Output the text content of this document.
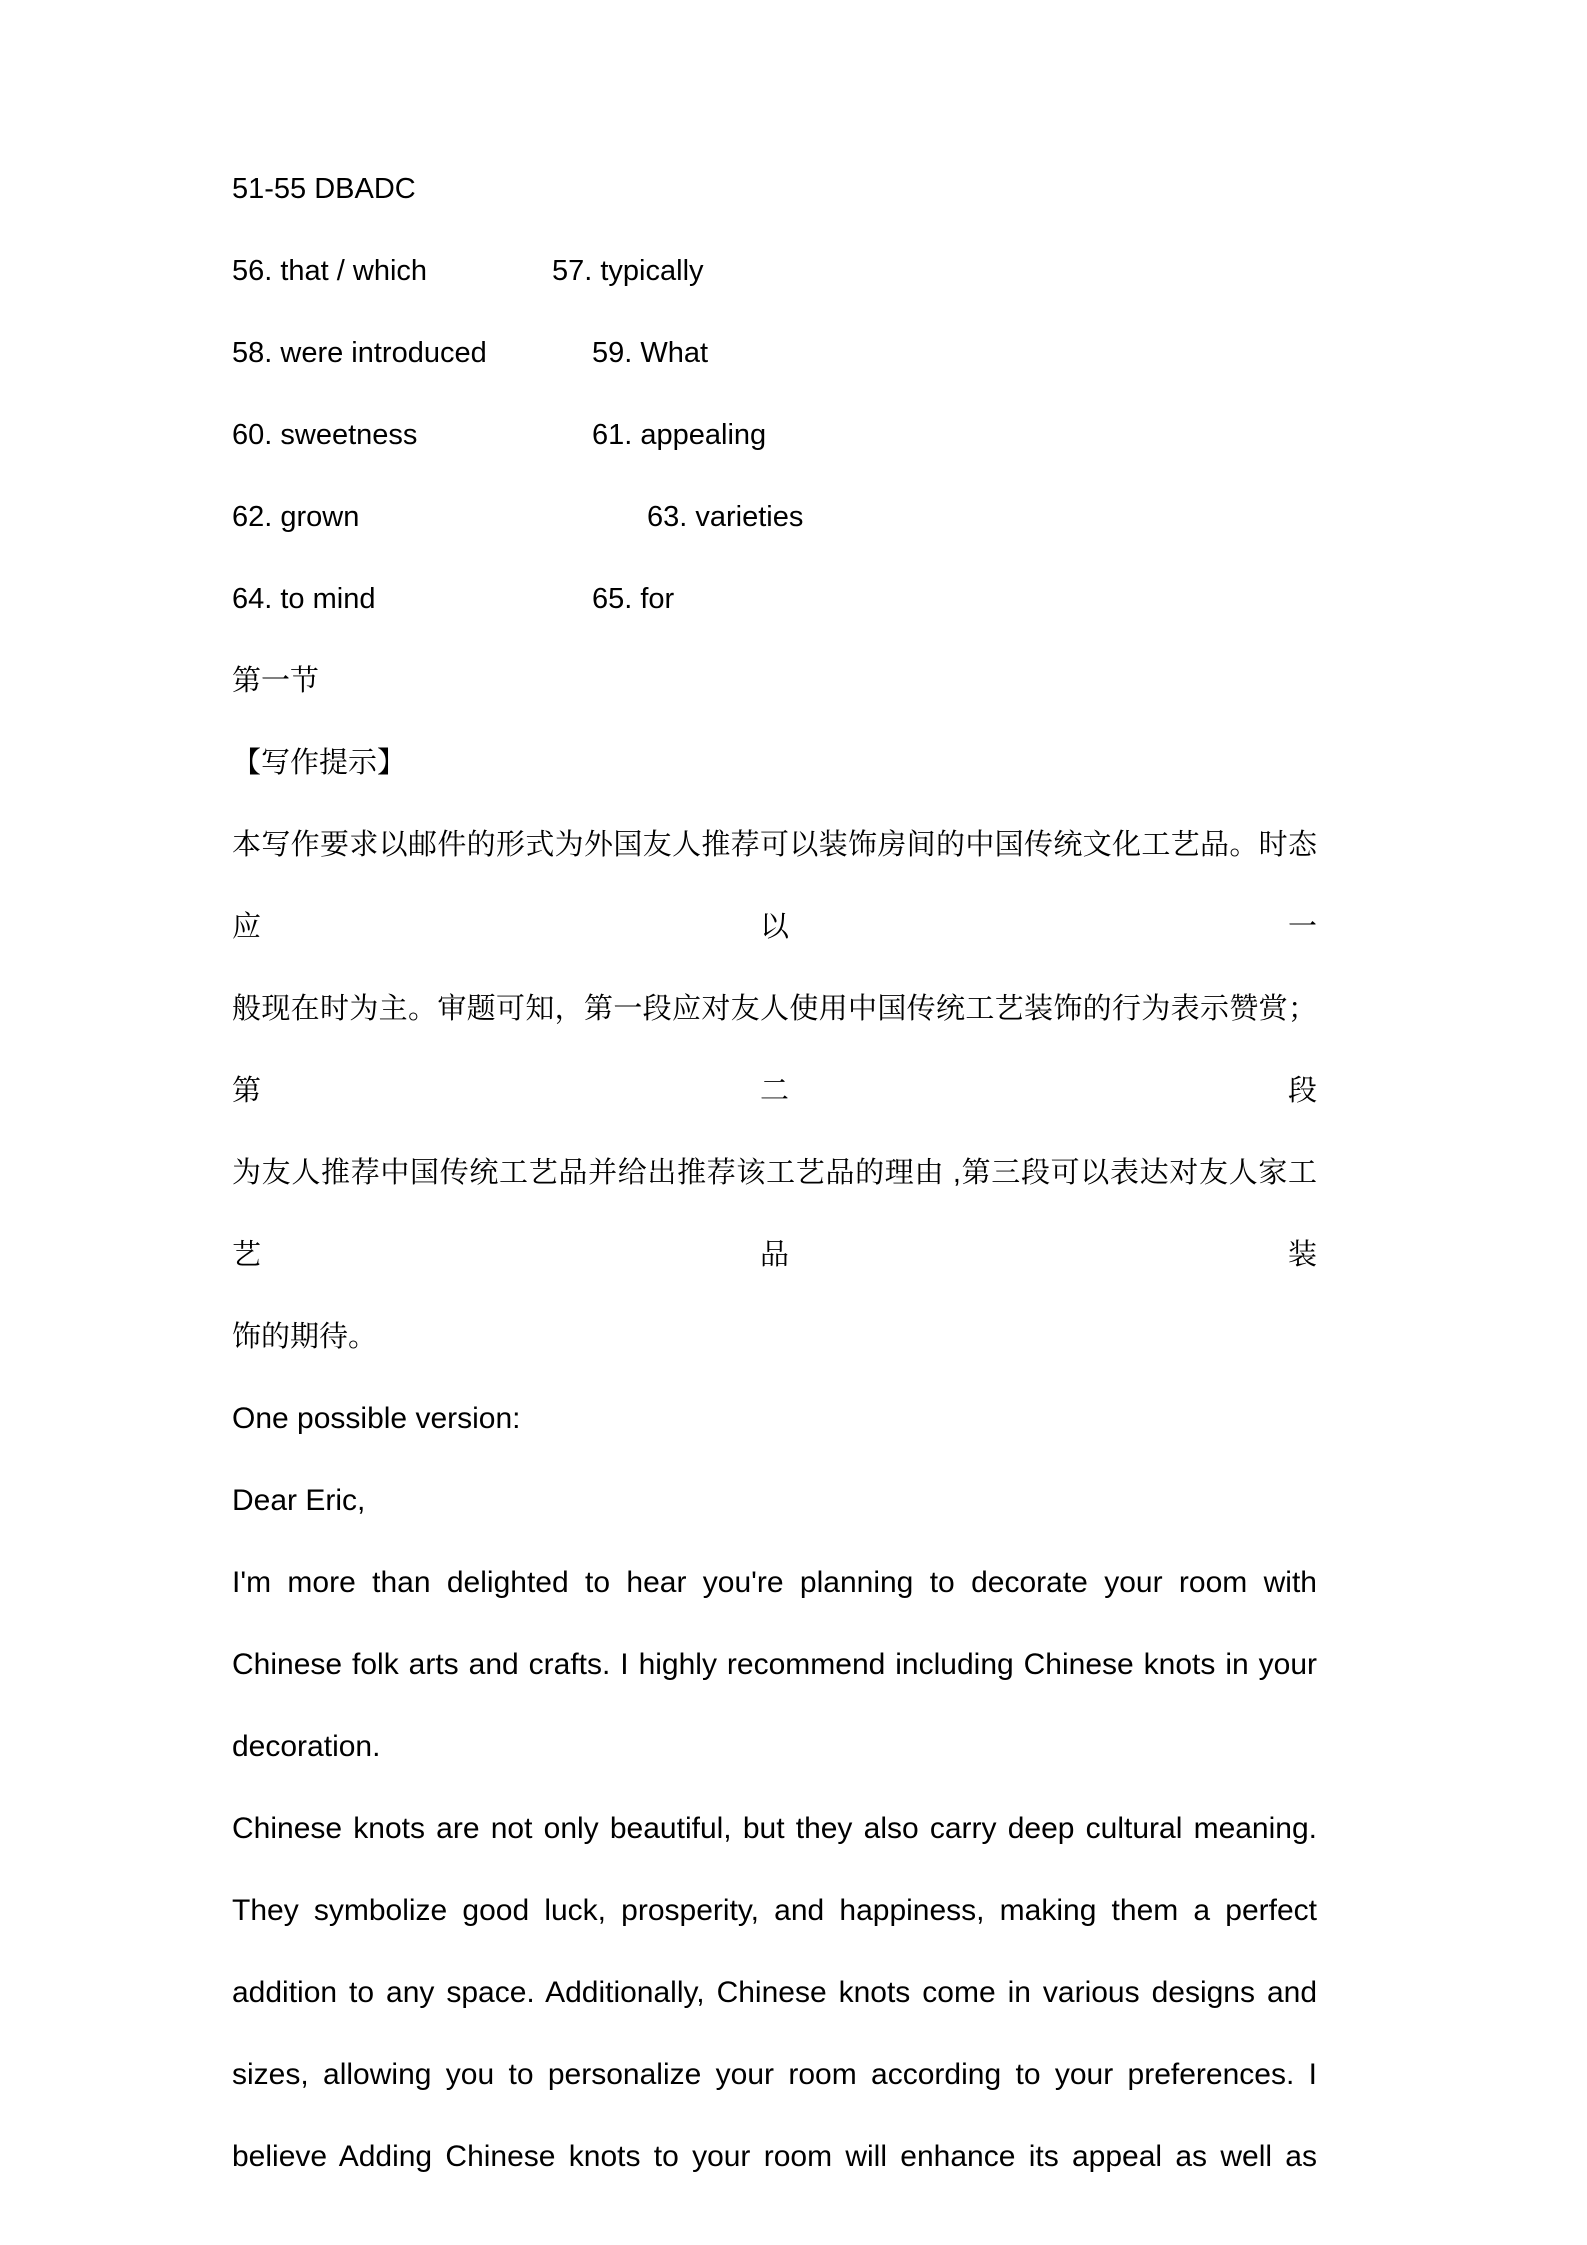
51-55 DBADC
56. that / which	57. typically
58. were introduced	59. What
60. sweetness	61. appealing
62. grown	63. varieties
64. to mind	65. for
第一节
【写作提示】
本写作要求以邮件的形式为外国友人推荐可以装饰房间的中国传统文化工艺品。时态应以一
般现在时为主。审题可知，第一段应对友人使用中国传统工艺装饰的行为表示赞赏；第二段
为友人推荐中国传统工艺品并给出推荐该工艺品的理由 ,第三段可以表达对友人家工艺品装
饰的期待。
One possible version:
Dear Eric,
I'm more than delighted to hear you're planning to decorate your room with
Chinese folk arts and crafts. I highly recommend including Chinese knots in your
decoration.
Chinese knots are not only beautiful, but they also carry deep cultural meaning.
They symbolize good luck, prosperity, and happiness, making them a perfect
addition to any space. Additionally, Chinese knots come in various designs and
sizes, allowing you to personalize your room according to your preferences. I
believe Adding Chinese knots to your room will enhance its appeal as well as
